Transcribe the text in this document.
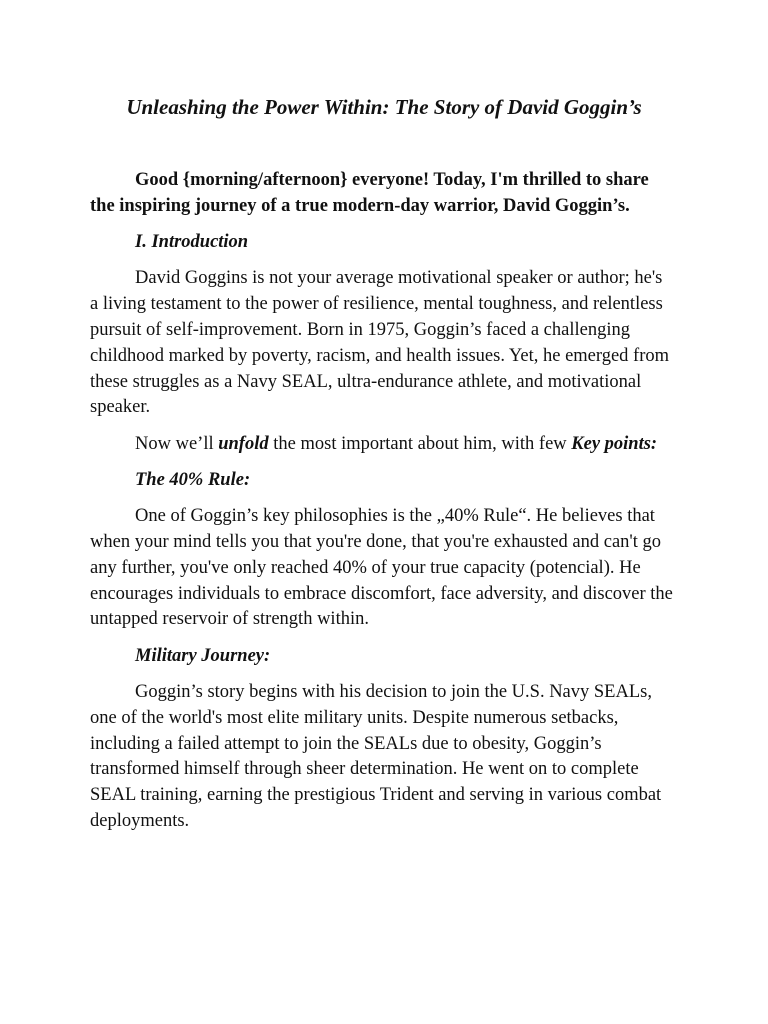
Unleashing the Power Within: The Story of David Goggin’s

Good {morning/afternoon} everyone! Today, I'm thrilled to share the inspiring journey of a true modern-day warrior, David Goggin’s.

I. Introduction

David Goggins is not your average motivational speaker or author; he's a living testament to the power of resilience, mental toughness, and relentless pursuit of self-improvement. Born in 1975, Goggin’s faced a challenging childhood marked by poverty, racism, and health issues. Yet, he emerged from these struggles as a Navy SEAL, ultra-endurance athlete, and motivational speaker.

Now we’ll unfold the most important about him, with few Key points:

The 40% Rule:

One of Goggin’s key philosophies is the „40% Rule“. He believes that when your mind tells you that you're done, that you're exhausted and can't go any further, you've only reached 40% of your true capacity (potencial). He encourages individuals to embrace discomfort, face adversity, and discover the untapped reservoir of strength within.

Military Journey:

Goggin’s story begins with his decision to join the U.S. Navy SEALs, one of the world's most elite military units. Despite numerous setbacks, including a failed attempt to join the SEALs due to obesity, Goggin’s transformed himself through sheer determination. He went on to complete SEAL training, earning the prestigious Trident and serving in various combat deployments.
